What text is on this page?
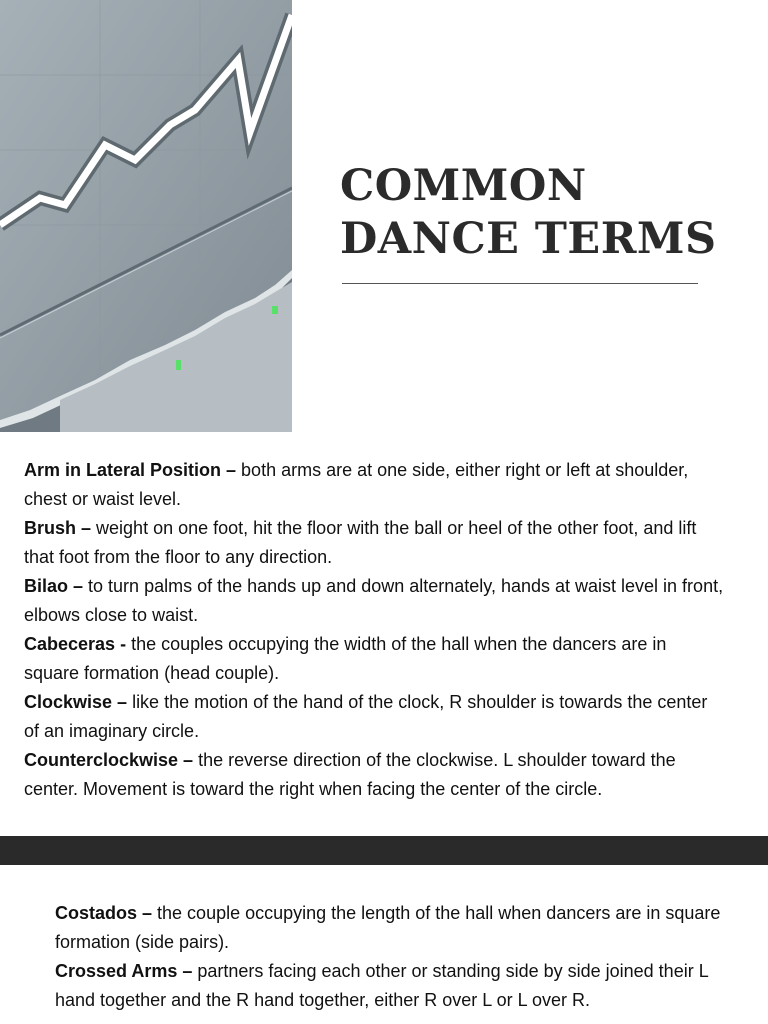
COMMON
DANCE TERMS

Arm in Lateral Position – both arms are at one side, either right or left at shoulder, chest or waist level.

Brush – weight on one foot, hit the floor with the ball or heel of the other foot, and lift that foot from the floor to any direction.

Bilao – to turn palms of the hands up and down alternately, hands at waist level in front, elbows close to waist.

Cabeceras - the couples occupying the width of the hall when the dancers are in square formation (head couple).

Clockwise – like the motion of the hand of the clock, R shoulder is towards the center of an imaginary circle.

Counterclockwise – the reverse direction of the clockwise. L shoulder toward the center. Movement is toward the right when facing the center of the circle.

Costados – the couple occupying the length of the hall when dancers are in square formation (side pairs).

Crossed Arms – partners facing each other or standing side by side joined their L hand together and the R hand together, either R over L or L over R.
